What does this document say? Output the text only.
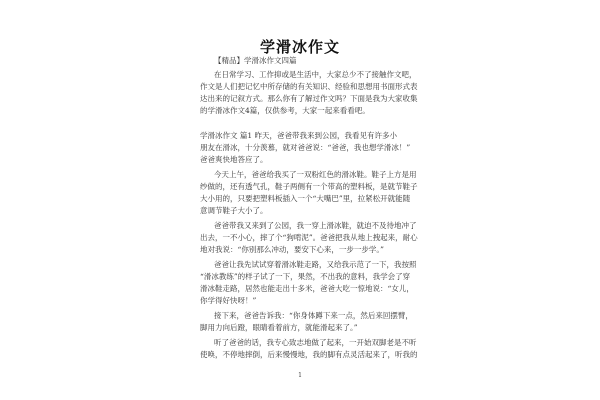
学滑冰作文
【精品】学滑冰作文四篇
在日常学习、工作抑或是生活中，大家总少不了接触作文吧，
作文是人们把记忆中所存储的有关知识、经验和思想用书面形式表
达出来的记叙方式。那么你有了解过作文吗？下面是我为大家收集
的学滑冰作文4篇，仅供参考，大家一起来看看吧。
学滑冰作文 篇1 昨天，爸爸带我来到公园，我看见有许多小
朋友在滑冰，十分羡慕，就对爸爸说：“爸爸，我也想学滑冰！”
爸爸爽快地答应了。
今天上午，爸爸给我买了一双粉红色的滑冰鞋。鞋子上方是用
纱做的，还有透气孔，鞋子两侧有一个带高的塑料板，是就节鞋子
大小用的，只要把塑料板插入一个“大嘴巴”里，拉紧松开就能随
意调节鞋子大小了。
爸爸带我又来到了公园，我一穿上滑冰鞋，就迫不及待地冲了
出去，一不小心，摔了个“狗啃泥”。爸爸把我从地上拽起来，耐心
地对我说：“你别那么冲动，要安下心来，一步一步学。”
爸爸让我先试试穿着滑冰鞋走路，又给我示范了一下，我按照
“滑冰教练”的样子试了一下，果然，不出我的意料，我学会了穿
滑冰鞋走路，居然也能走出十多米，爸爸大吃一惊地说：“女儿，
你学得好快呀！”
接下来，爸爸告诉我：“你身体蹲下来一点，然后来回摆臂，
脚用力向后蹬，眼睛看着前方，就能滑起来了。”
听了爸爸的话，我专心致志地做了起来，一开始双脚老是不听
使唤，不停地摔倒，后来慢慢地，我的脚有点灵活起来了，听我的
1
